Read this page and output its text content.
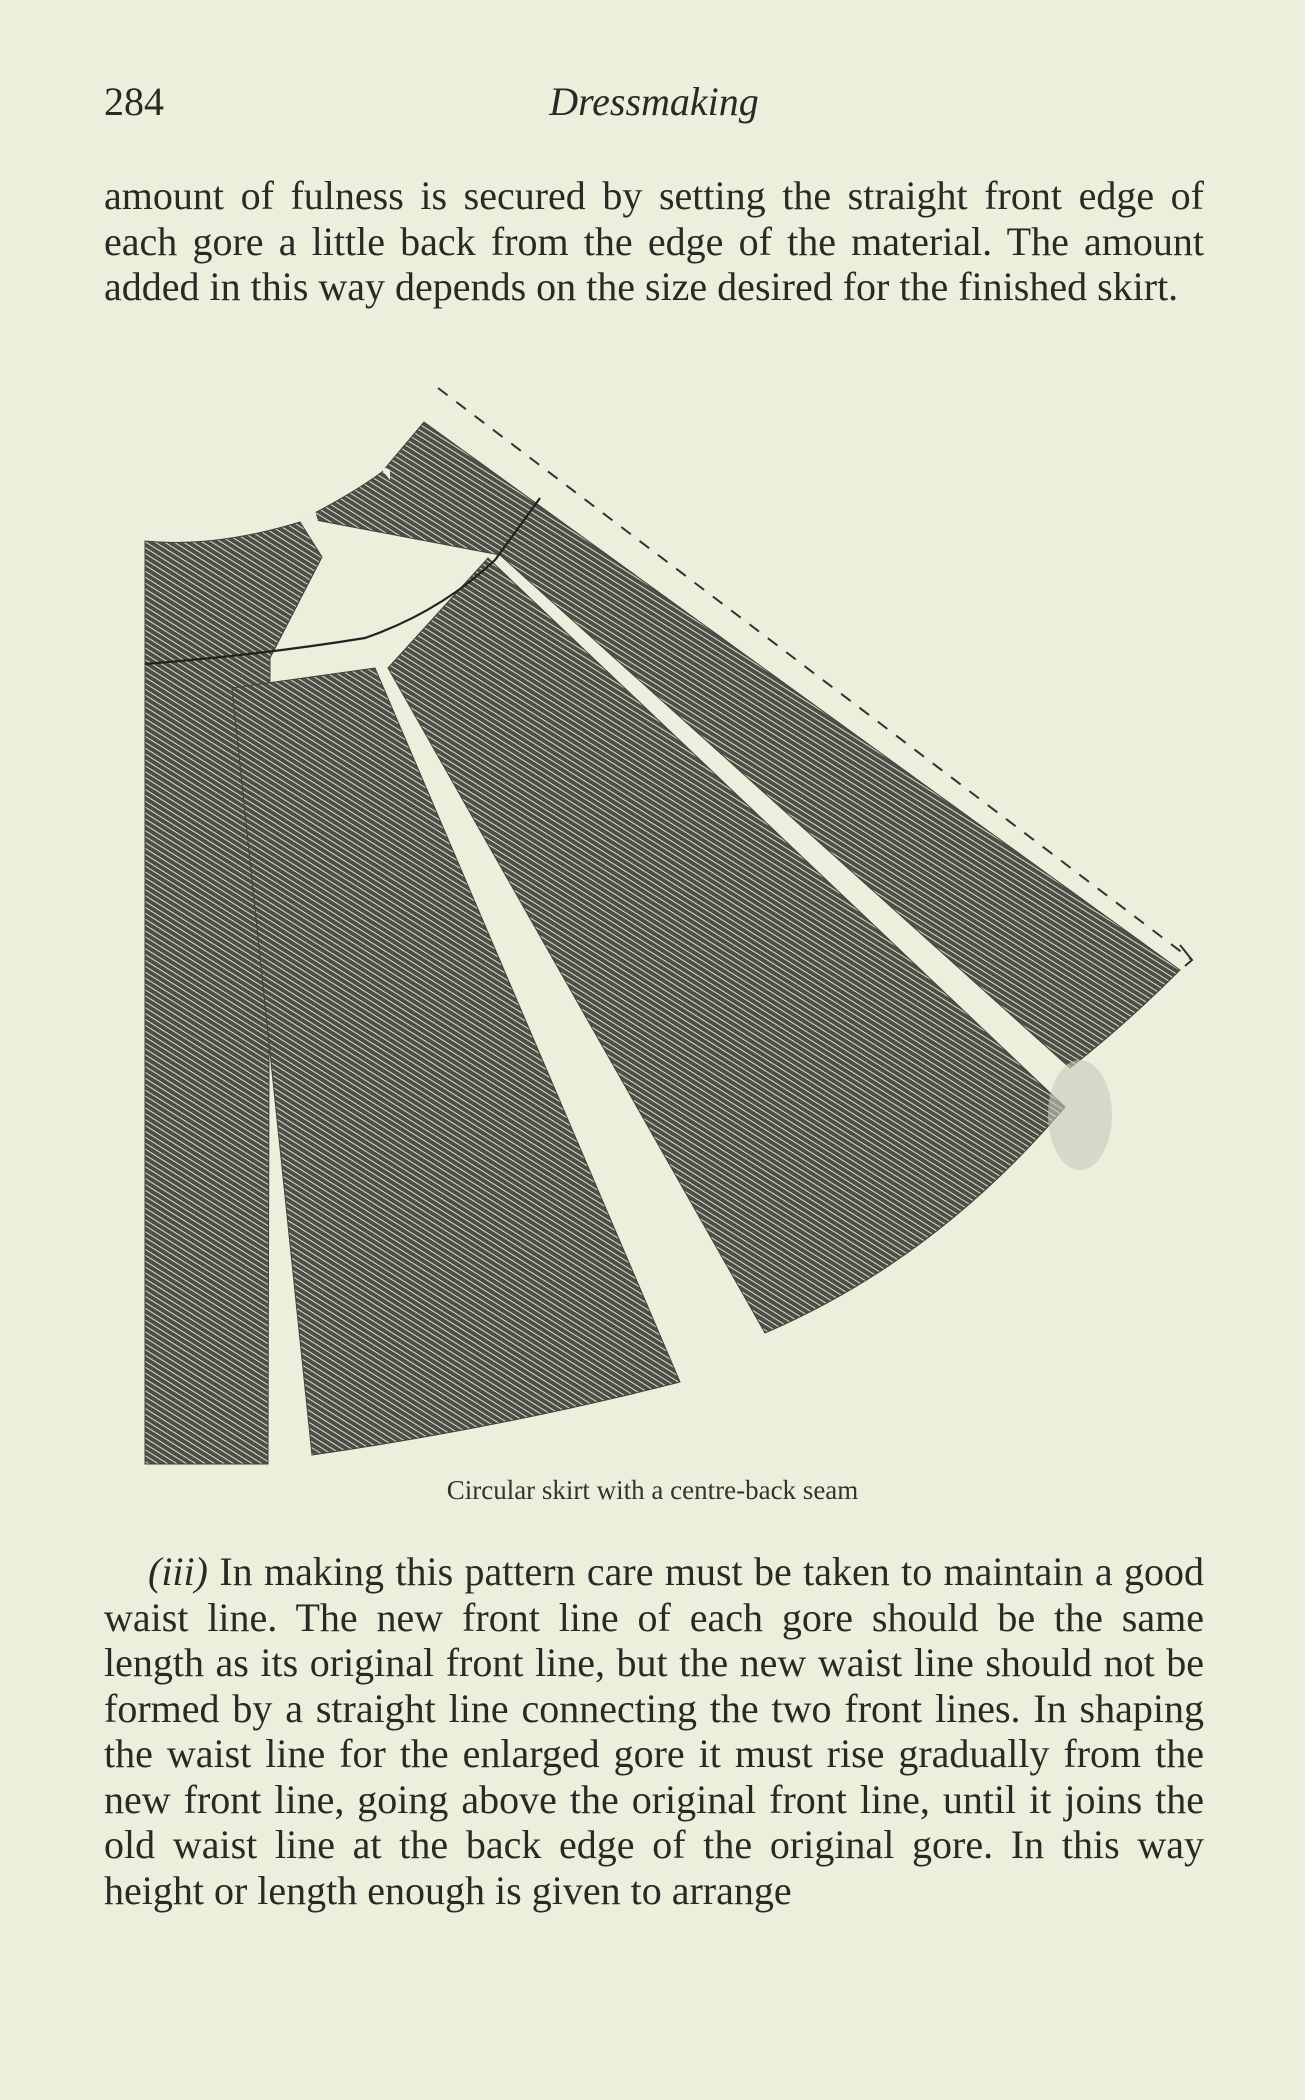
284	Dressmaking

amount of fulness is secured by setting the straight front edge of each gore a little back from the edge of the material. The amount added in this way depends on the size desired for the finished skirt.

Circular skirt with a centre-back seam

(iii) In making this pattern care must be taken to maintain a good waist line. The new front line of each gore should be the same length as its original front line, but the new waist line should not be formed by a straight line connecting the two front lines. In shaping the waist line for the enlarged gore it must rise gradually from the new front line, going above the original front line, until it joins the old waist line at the back edge of the original gore. In this way height or length enough is given to arrange
